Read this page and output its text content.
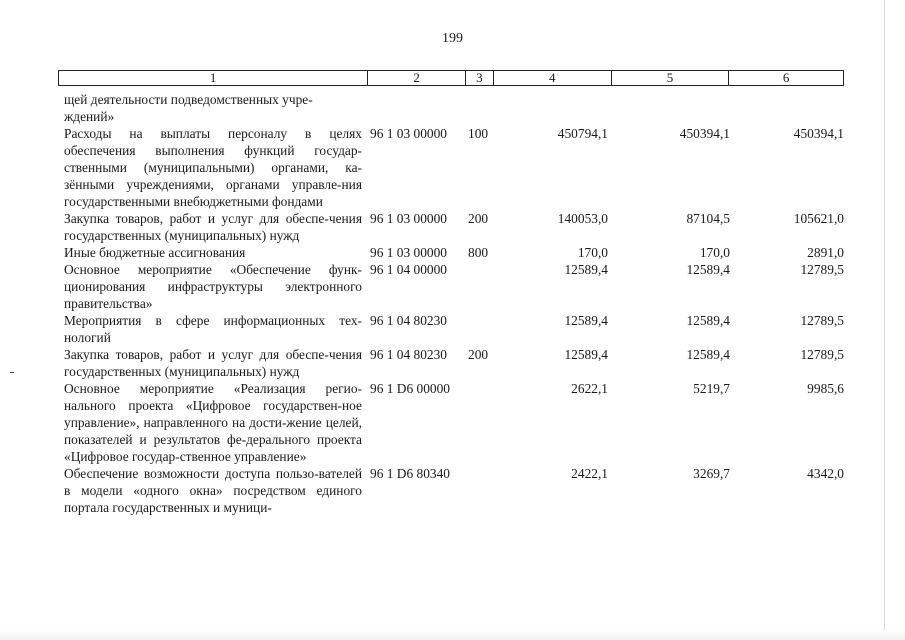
199
1	2	3	4	5	6
щей деятельности подведомственных учре-
ждений»					
Расходы на выплаты персоналу в целях обеспечения выполнения функций государ-ственными (муниципальными) органами, ка-зёнными учреждениями, органами управле-ния государственными внебюджетными фондами	96 1 03 00000	100	450794,1	450394,1	450394,1
Закупка товаров, работ и услуг для обеспе-чения государственных (муниципальных) нужд	96 1 03 00000	200	140053,0	87104,5	105621,0
Иные бюджетные ассигнования	96 1 03 00000	800	170,0	170,0	2891,0
Основное мероприятие «Обеспечение функ-ционирования инфраструктуры электронного правительства»	96 1 04 00000		12589,4	12589,4	12789,5
Мероприятия в сфере информационных тех-нологий	96 1 04 80230		12589,4	12589,4	12789,5
Закупка товаров, работ и услуг для обеспе-чения государственных (муниципальных) нужд	96 1 04 80230	200	12589,4	12589,4	12789,5
Основное мероприятие «Реализация регио-нального проекта «Цифровое государствен-ное управление», направленного на дости-жение целей, показателей и результатов фе-дерального проекта «Цифровое государ-ственное управление»	96 1 D6 00000		2622,1	5219,7	9985,6
Обеспечение возможности доступа пользо-вателей в модели «одного окна» посредством единого портала государственных и муници-	96 1 D6 80340		2422,1	3269,7	4342,0
